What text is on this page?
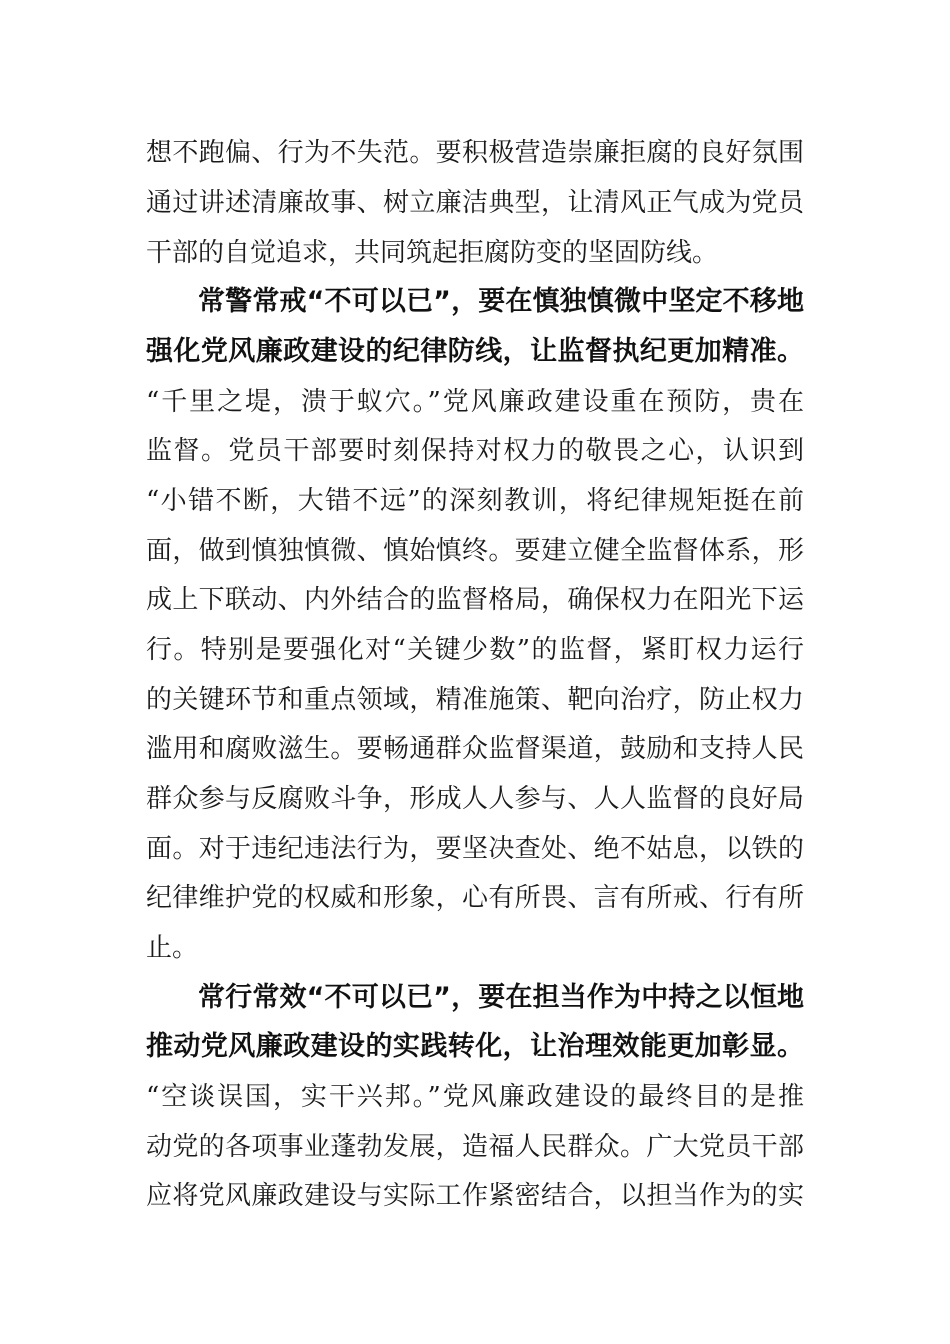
想不跑偏、行为不失范。要积极营造崇廉拒腐的良好氛围
通过讲述清廉故事、树立廉洁典型，让清风正气成为党员
干部的自觉追求，共同筑起拒腐防变的坚固防线。
常警常戒“不可以已”，要在慎独慎微中坚定不移地
强化党风廉政建设的纪律防线，让监督执纪更加精准。
“千里之堤，溃于蚁穴。”党风廉政建设重在预防，贵在
监督。党员干部要时刻保持对权力的敬畏之心，认识到
“小错不断，大错不远”的深刻教训，将纪律规矩挺在前
面，做到慎独慎微、慎始慎终。要建立健全监督体系，形
成上下联动、内外结合的监督格局，确保权力在阳光下运
行。特别是要强化对“关键少数”的监督，紧盯权力运行
的关键环节和重点领域，精准施策、靶向治疗，防止权力
滥用和腐败滋生。要畅通群众监督渠道，鼓励和支持人民
群众参与反腐败斗争，形成人人参与、人人监督的良好局
面。对于违纪违法行为，要坚决查处、绝不姑息，以铁的
纪律维护党的权威和形象，心有所畏、言有所戒、行有所
止。
常行常效“不可以已”，要在担当作为中持之以恒地
推动党风廉政建设的实践转化，让治理效能更加彰显。
“空谈误国，实干兴邦。”党风廉政建设的最终目的是推
动党的各项事业蓬勃发展，造福人民群众。广大党员干部
应将党风廉政建设与实际工作紧密结合，以担当作为的实
